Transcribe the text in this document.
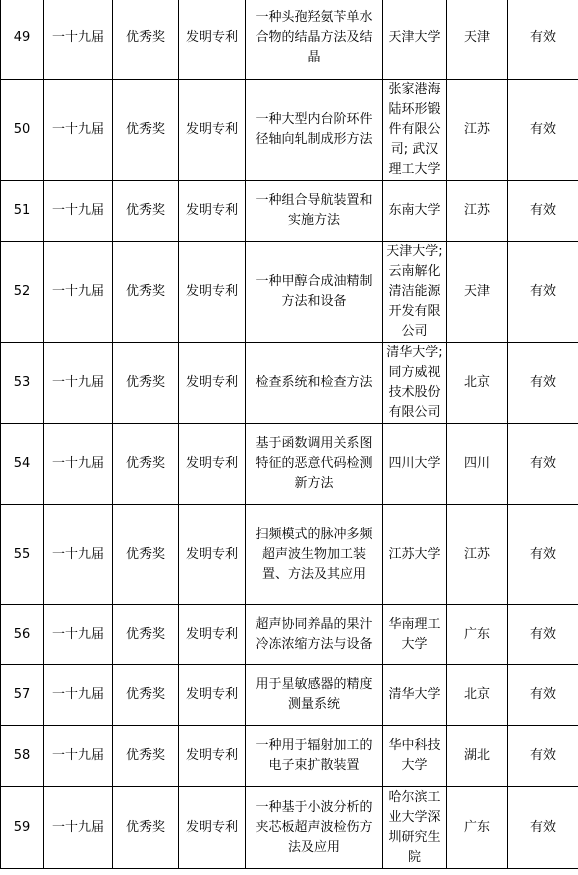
49	一十九届	优秀奖	发明专利	一种头孢羟氨苄单水合物的结晶方法及结晶	天津大学	天津	有效
50	一十九届	优秀奖	发明专利	一种大型内台阶环件径轴向轧制成形方法	张家港海陆环形锻件有限公司; 武汉理工大学	江苏	有效
51	一十九届	优秀奖	发明专利	一种组合导航装置和实施方法	东南大学	江苏	有效
52	一十九届	优秀奖	发明专利	一种甲醇合成油精制方法和设备	天津大学; 云南解化清洁能源开发有限公司	天津	有效
53	一十九届	优秀奖	发明专利	检查系统和检查方法	清华大学; 同方威视技术股份有限公司	北京	有效
54	一十九届	优秀奖	发明专利	基于函数调用关系图特征的恶意代码检测新方法	四川大学	四川	有效
55	一十九届	优秀奖	发明专利	扫频模式的脉冲多频超声波生物加工装置、方法及其应用	江苏大学	江苏	有效
56	一十九届	优秀奖	发明专利	超声协同养晶的果汁冷冻浓缩方法与设备	华南理工大学	广东	有效
57	一十九届	优秀奖	发明专利	用于星敏感器的精度测量系统	清华大学	北京	有效
58	一十九届	优秀奖	发明专利	一种用于辐射加工的电子束扩散装置	华中科技大学	湖北	有效
59	一十九届	优秀奖	发明专利	一种基于小波分析的夹芯板超声波检伤方法及应用	哈尔滨工业大学深圳研究生院	广东	有效
